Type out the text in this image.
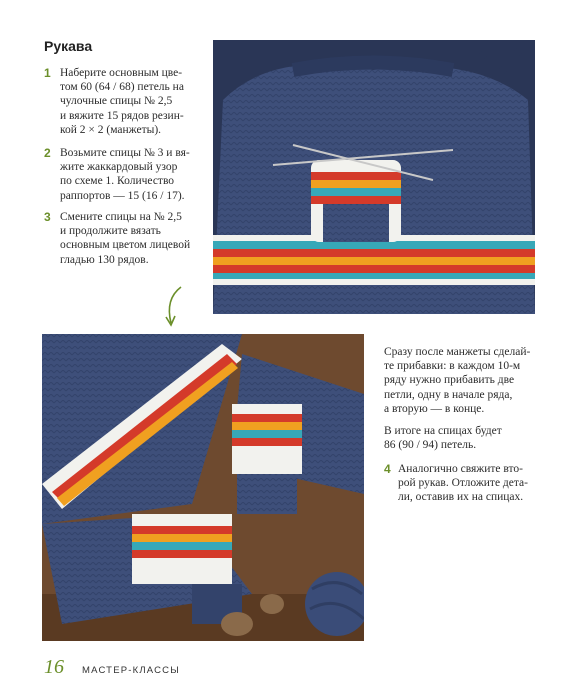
Рукава
1 Наберите основным цве-
том 60 (64 / 68) петель на
чулочные спицы № 2,5
и вяжите 15 рядов резин-
кой 2 × 2 (манжеты).
2 Возьмите спицы № 3 и вя-
жите жаккардовый узор
по схеме 1. Количество
раппортов — 15 (16 / 17).
3 Смените спицы на № 2,5
и продолжите вязать
основным цветом лицевой
гладью 130 рядов.

Сразу после манжеты сделай-
те прибавки: в каждом 10-м
ряду нужно прибавить две
петли, одну в начале ряда,
а вторую — в конце.

В итоге на спицах будет
86 (90 / 94) петель.

4 Аналогично свяжите вто-
рой рукав. Отложите дета-
ли, оставив их на спицах.
16 МАСТЕР-КЛАССЫ
